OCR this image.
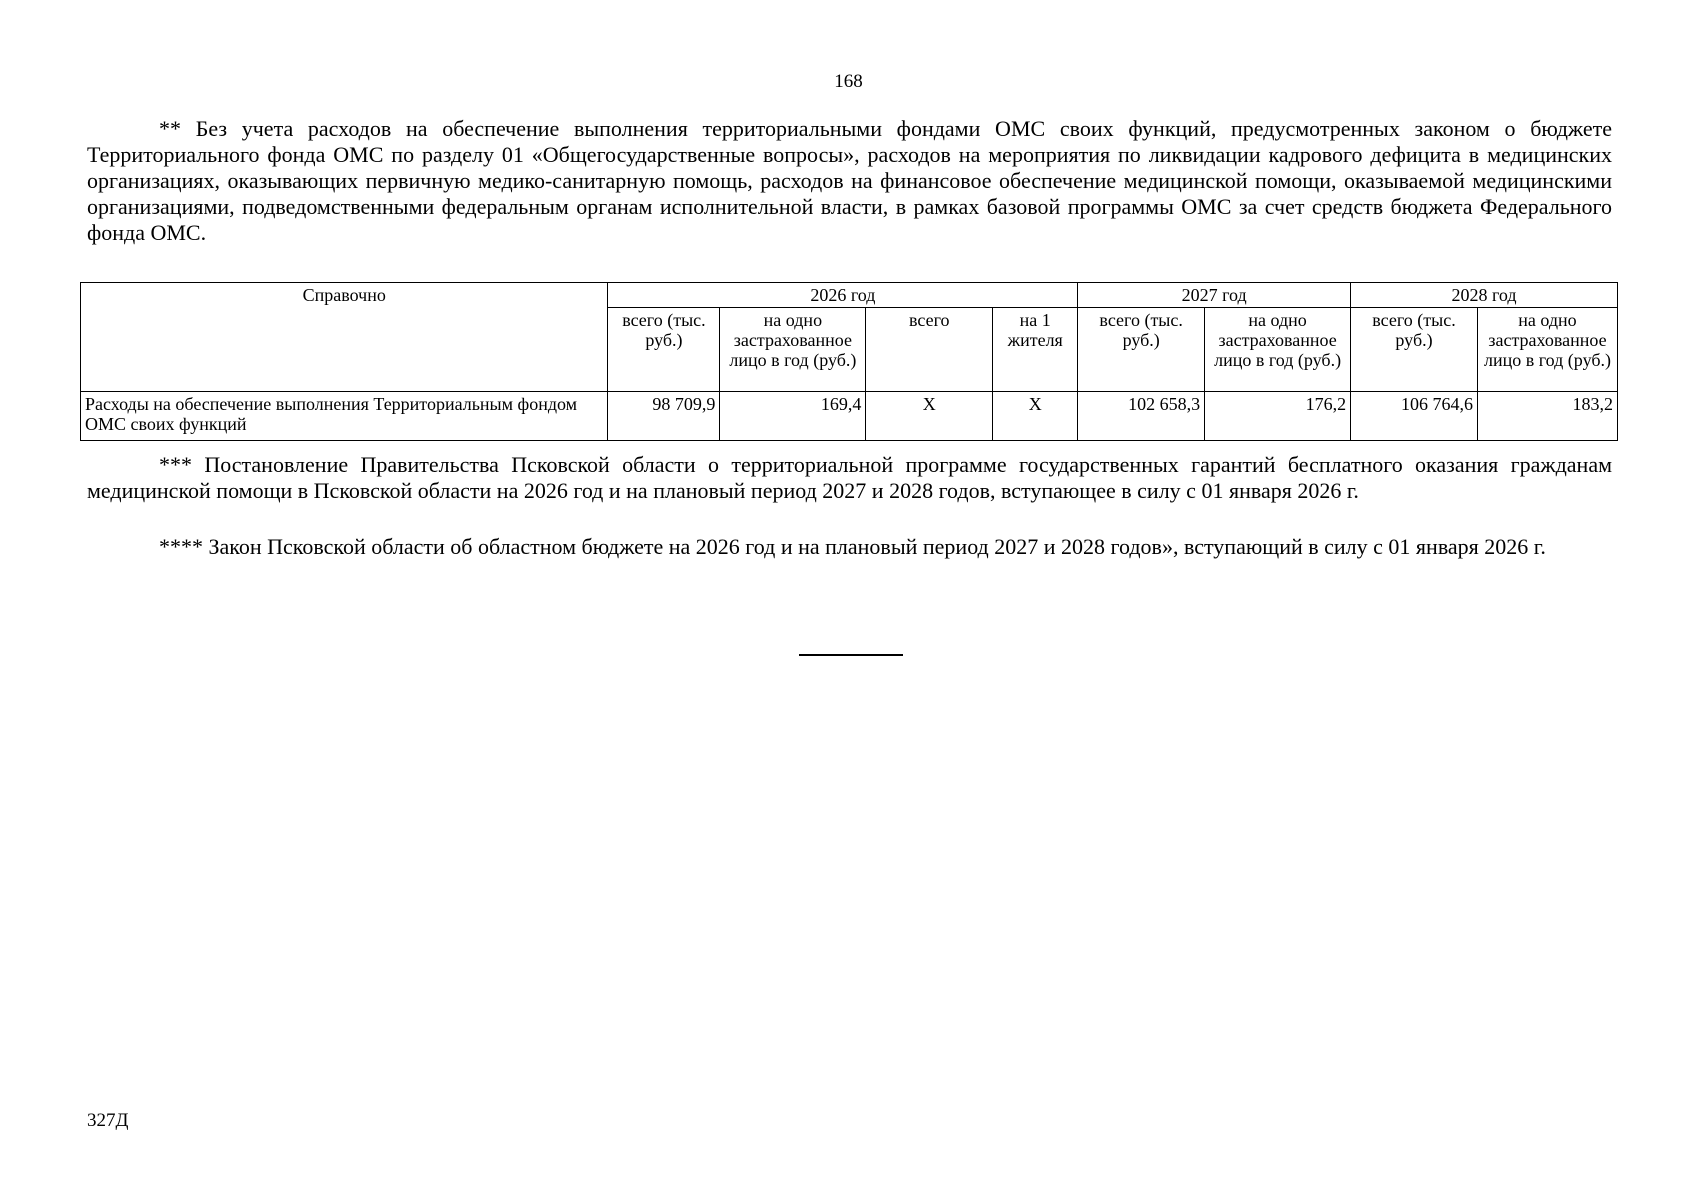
168

** Без учета расходов на обеспечение выполнения территориальными фондами ОМС своих функций, предусмотренных законом о бюджете Территориального фонда ОМС по разделу 01 «Общегосударственные вопросы», расходов на мероприятия по ликвидации кадрового дефицита в медицинских организациях, оказывающих первичную медико-санитарную помощь, расходов на финансовое обеспечение медицинской помощи, оказываемой медицинскими организациями, подведомственными федеральным органам исполнительной власти, в рамках базовой программы ОМС за счет средств бюджета Федерального фонда ОМС.

Справочно	2026 год				2027 год		2028 год	
	всего (тыс. руб.)	на одно застрахованное лицо в год (руб.)	всего	на 1 жителя	всего (тыс. руб.)	на одно застрахованное лицо в год (руб.)	всего (тыс. руб.)	на одно застрахованное лицо в год (руб.)
Расходы на обеспечение выполнения Территориальным фондом ОМС своих функций	98 709,9	169,4	X	X	102 658,3	176,2	106 764,6	183,2

*** Постановление Правительства Псковской области о территориальной программе государственных гарантий бесплатного оказания гражданам медицинской помощи в Псковской области на 2026 год и на плановый период 2027 и 2028 годов, вступающее в силу с 01 января 2026 г.

**** Закон Псковской области об областном бюджете на 2026 год и на плановый период 2027 и 2028 годов», вступающий в силу с 01 января 2026 г.

327Д
